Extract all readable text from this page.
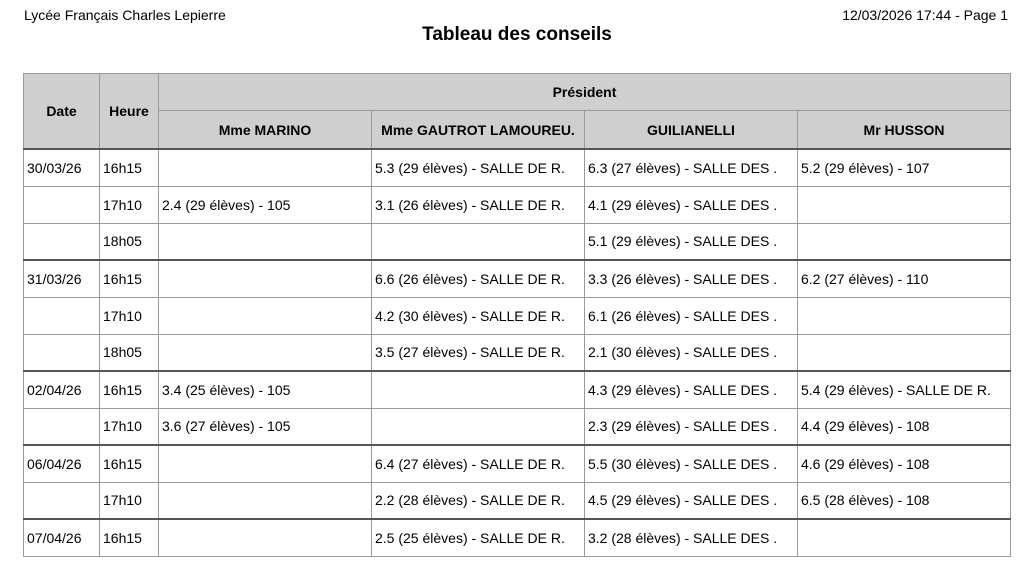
Lycée Français Charles Lepierre	12/03/2026 17:44 - Page 1
Tableau des conseils
Date	Heure	Président			
		Mme MARINO	Mme GAUTROT LAMOUREU.	GUILIANELLI	Mr HUSSON
30/03/26	16h15		5.3 (29 élèves) - SALLE DE R.	6.3 (27 élèves) - SALLE DES .	5.2 (29 élèves) - 107
	17h10	2.4 (29 élèves) - 105	3.1 (26 élèves) - SALLE DE R.	4.1 (29 élèves) - SALLE DES .	
	18h05			5.1 (29 élèves) - SALLE DES .	
31/03/26	16h15		6.6 (26 élèves) - SALLE DE R.	3.3 (26 élèves) - SALLE DES .	6.2 (27 élèves) - 110
	17h10		4.2 (30 élèves) - SALLE DE R.	6.1 (26 élèves) - SALLE DES .	
	18h05		3.5 (27 élèves) - SALLE DE R.	2.1 (30 élèves) - SALLE DES .	
02/04/26	16h15	3.4 (25 élèves) - 105		4.3 (29 élèves) - SALLE DES .	5.4 (29 élèves) - SALLE DE R.
	17h10	3.6 (27 élèves) - 105		2.3 (29 élèves) - SALLE DES .	4.4 (29 élèves) - 108
06/04/26	16h15		6.4 (27 élèves) - SALLE DE R.	5.5 (30 élèves) - SALLE DES .	4.6 (29 élèves) - 108
	17h10		2.2 (28 élèves) - SALLE DE R.	4.5 (29 élèves) - SALLE DES .	6.5 (28 élèves) - 108
07/04/26	16h15		2.5 (25 élèves) - SALLE DE R.	3.2 (28 élèves) - SALLE DES .	
